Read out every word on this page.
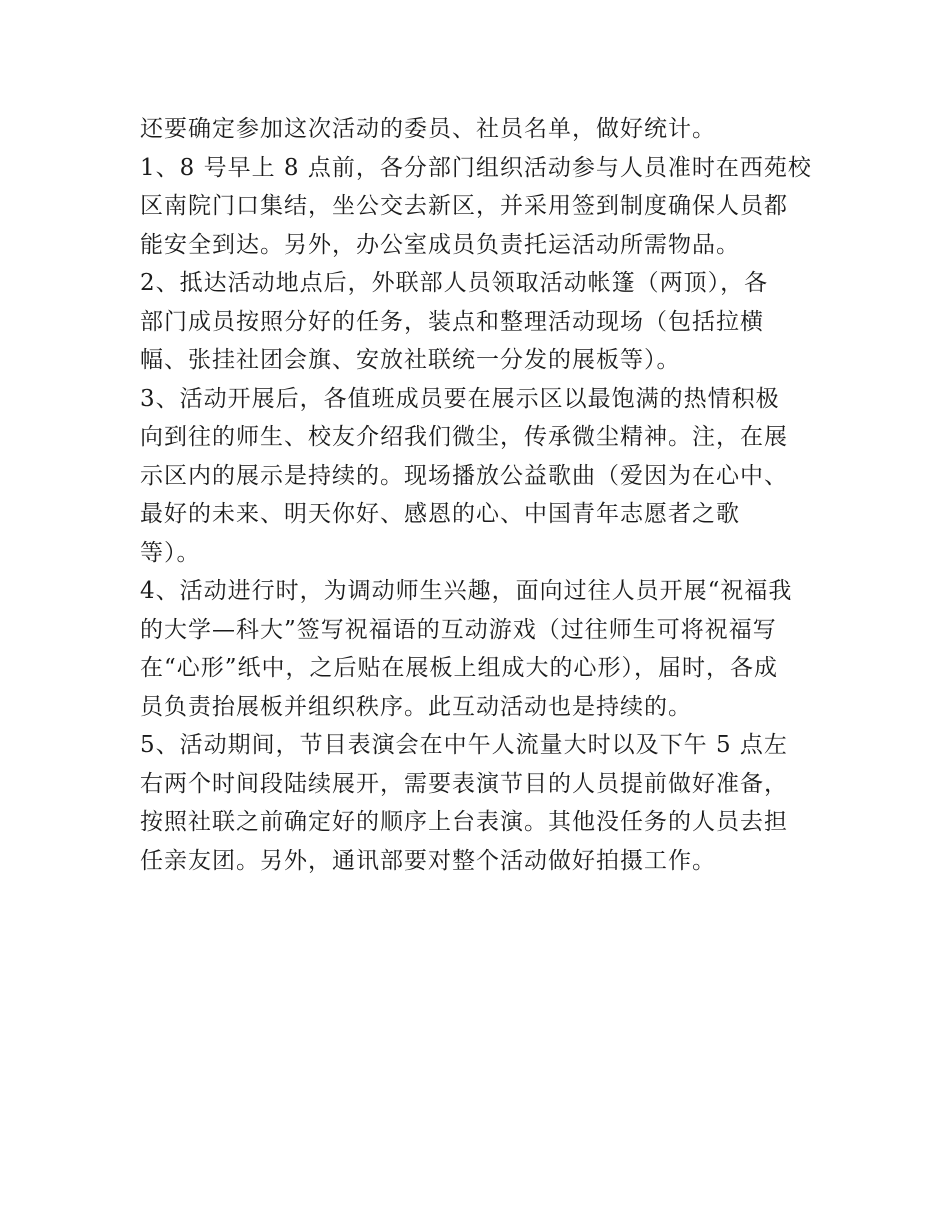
还要确定参加这次活动的委员、社员名单，做好统计。
1、8 号早上 8 点前，各分部门组织活动参与人员准时在西苑校
区南院门口集结，坐公交去新区，并采用签到制度确保人员都
能安全到达。另外，办公室成员负责托运活动所需物品。
2、抵达活动地点后，外联部人员领取活动帐篷（两顶），各
部门成员按照分好的任务，装点和整理活动现场（包括拉横
幅、张挂社团会旗、安放社联统一分发的展板等）。
3、活动开展后，各值班成员要在展示区以最饱满的热情积极
向到往的师生、校友介绍我们微尘，传承微尘精神。注，在展
示区内的展示是持续的。现场播放公益歌曲（爱因为在心中、
最好的未来、明天你好、感恩的心、中国青年志愿者之歌
等）。
4、活动进行时，为调动师生兴趣，面向过往人员开展“祝福我
的大学—科大”签写祝福语的互动游戏（过往师生可将祝福写
在“心形”纸中，之后贴在展板上组成大的心形），届时，各成
员负责抬展板并组织秩序。此互动活动也是持续的。
5、活动期间，节目表演会在中午人流量大时以及下午 5 点左
右两个时间段陆续展开，需要表演节目的人员提前做好准备，
按照社联之前确定好的顺序上台表演。其他没任务的人员去担
任亲友团。另外，通讯部要对整个活动做好拍摄工作。
